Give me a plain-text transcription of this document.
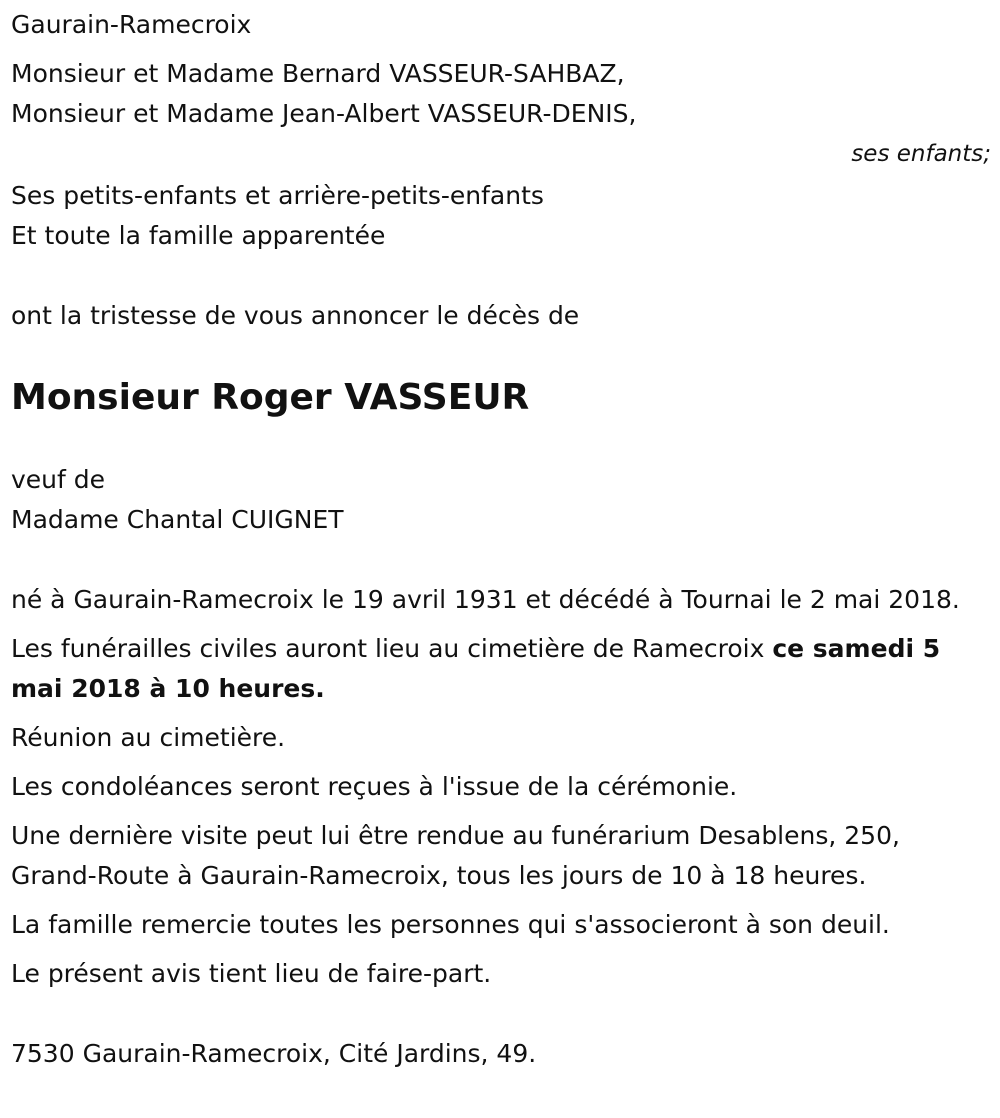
Gaurain-Ramecroix

Monsieur et Madame Bernard VASSEUR-SAHBAZ,

Monsieur et Madame Jean-Albert VASSEUR-DENIS,

ses enfants;

Ses petits-enfants et arrière-petits-enfants

Et toute la famille apparentée

ont la tristesse de vous annoncer le décès de

Monsieur Roger VASSEUR

veuf de

Madame Chantal CUIGNET

né à Gaurain-Ramecroix le 19 avril 1931 et décédé à Tournai le 2 mai 2018.

Les funérailles civiles auront lieu au cimetière de Ramecroix ce samedi 5 mai 2018 à 10 heures.

Réunion au cimetière.

Les condoléances seront reçues à l'issue de la cérémonie.

Une dernière visite peut lui être rendue au funérarium Desablens, 250, Grand-Route à Gaurain-Ramecroix, tous les jours de 10 à 18 heures.

La famille remercie toutes les personnes qui s'associeront à son deuil.

Le présent avis tient lieu de faire-part.

7530 Gaurain-Ramecroix, Cité Jardins, 49.
